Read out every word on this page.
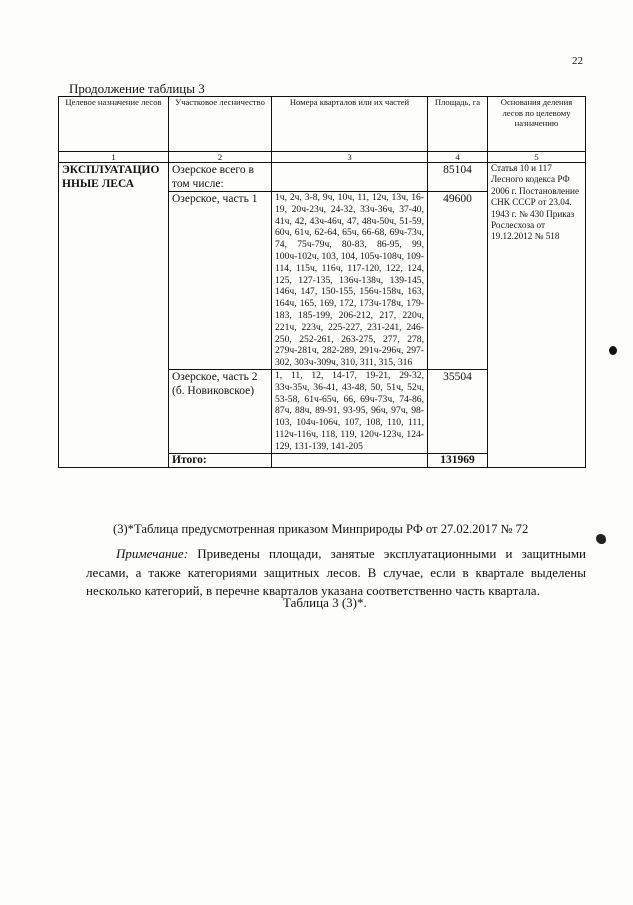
22
Продолжение таблицы 3
Целевое назначение лесов	Участковое лесничество	Номера кварталов или их частей	Площадь, га	Основания деления лесов по целевому назначению
1	2	3	4	5
ЭКСПЛУАТАЦИОННЫЕ ЛЕСА	Озерское всего в том числе:		85104	Статья 10 и 117 Лесного кодекса РФ 2006 г. Постановление СНК СССР от 23.04. 1943 г. № 430 Приказ Рослесхоза от 19.12.2012 № 518
	Озерское, часть 1	1ч, 2ч, 3-8, 9ч, 10ч, 11, 12ч, 13ч, 16-19, 20ч-23ч, 24-32, 33ч-36ч, 37-40, 41ч, 42, 43ч-46ч, 47, 48ч-50ч, 51-59, 60ч, 61ч, 62-64, 65ч, 66-68, 69ч-73ч, 74, 75ч-79ч, 80-83, 86-95, 99, 100ч-102ч, 103, 104, 105ч-108ч, 109-114, 115ч, 116ч, 117-120, 122, 124, 125, 127-135, 136ч-138ч, 139-145, 146ч, 147, 150-155, 156ч-158ч, 163, 164ч, 165, 169, 172, 173ч-178ч, 179-183, 185-199, 206-212, 217, 220ч, 221ч, 223ч, 225-227, 231-241, 246-250, 252-261, 263-275, 277, 278, 279ч-281ч, 282-289, 291ч-296ч, 297-302, 303ч-309ч, 310, 311, 315, 316	49600	
	Озерское, часть 2 (б. Новиковское)	1, 11, 12, 14-17, 19-21, 29-32, 33ч-35ч, 36-41, 43-48, 50, 51ч, 52ч, 53-58, 61ч-65ч, 66, 69ч-73ч, 74-86, 87ч, 88ч, 89-91, 93-95, 96ч, 97ч, 98-103, 104ч-106ч, 107, 108, 110, 111, 112ч-116ч, 118, 119, 120ч-123ч, 124-129, 131-139, 141-205	35504	
	Итого:		131969	
(3)*Таблица предусмотренная приказом Минприроды РФ от 27.02.2017 № 72
Примечание: Приведены площади, занятые эксплуатационными и защитными лесами, а также категориями защитных лесов. В случае, если в квартале выделены несколько категорий, в перечне кварталов указана соответственно часть квартала.
Таблица 3 (3)*.
